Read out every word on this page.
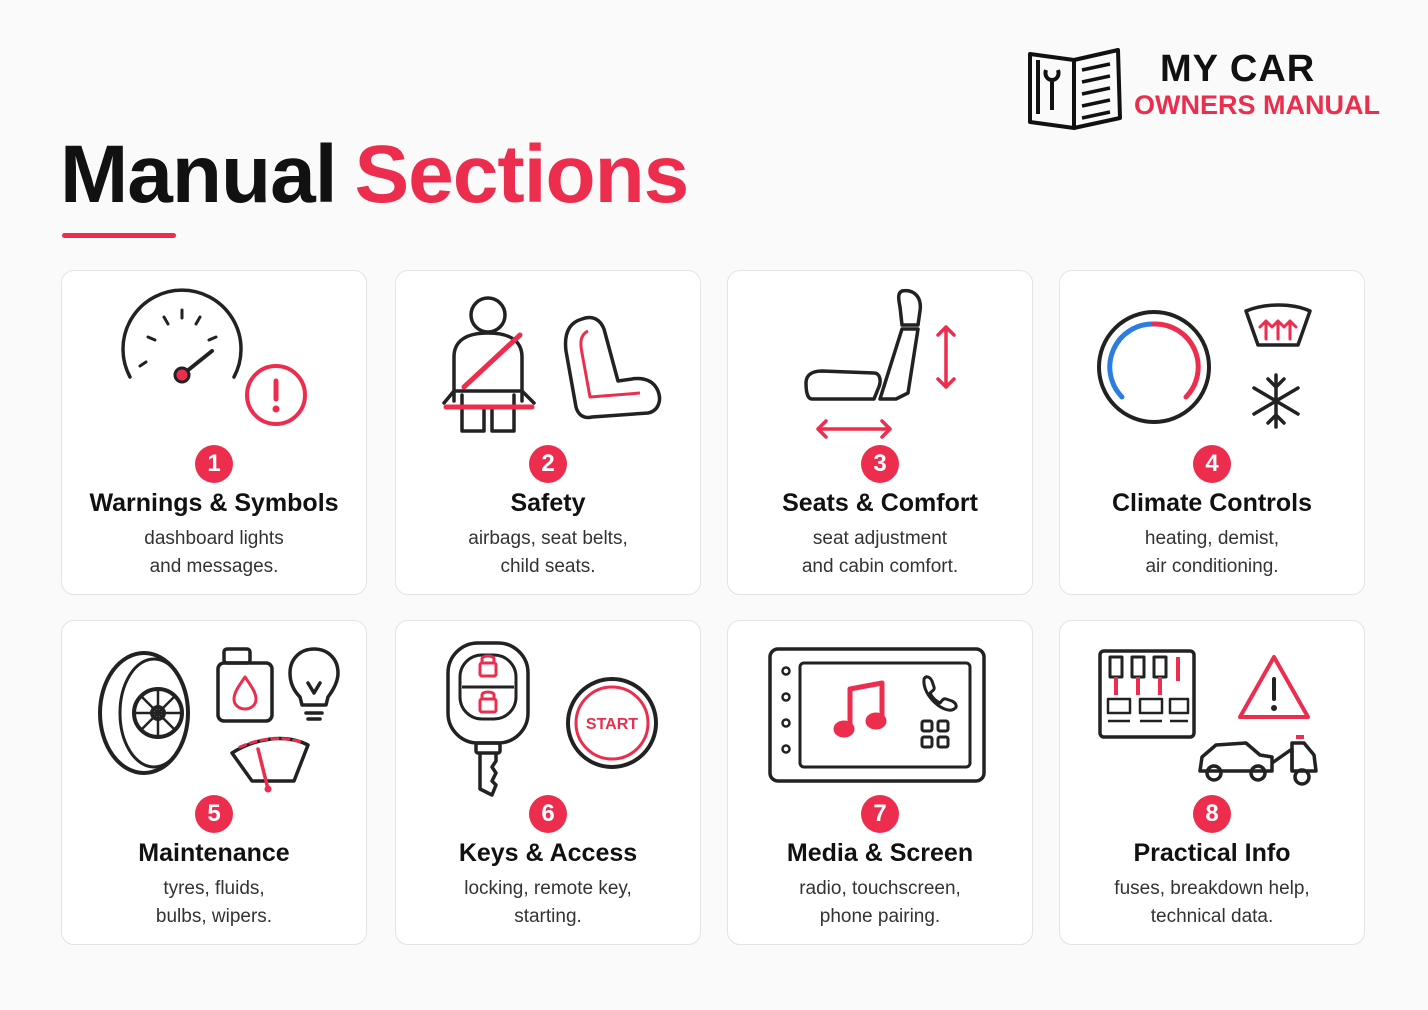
MY CAR
OWNERS MANUAL
Manual Sections
1
Warnings & Symbols
dashboard lights
and messages.
2
Safety
airbags, seat belts,
child seats.
3
Seats & Comfort
seat adjustment
and cabin comfort.
4
Climate Controls
heating, demist,
air conditioning.
5
Maintenance
tyres, fluids,
bulbs, wipers.
START
6
Keys & Access
locking, remote key,
starting.
7
Media & Screen
radio, touchscreen,
phone pairing.
8
Practical Info
fuses, breakdown help,
technical data.
